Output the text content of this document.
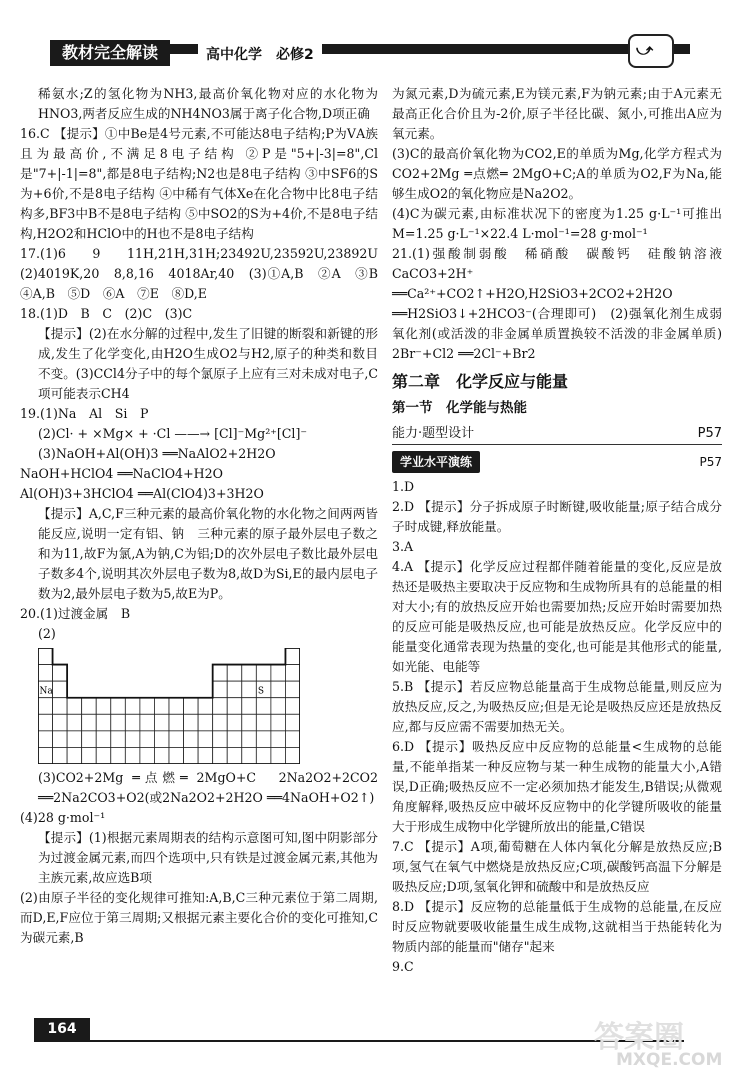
教材完全解读	高中化学　必修2	⤻

稀氨水;Z的氢化物为NH3,最高价氧化物对应的水化物为HNO3,两者反应生成的NH4NO3属于离子化合物,D项正确

16.C 【提示】①中Be是4号元素,不可能达8电子结构;P为ⅤA族且为最高价,不满足8电子结构 ②P是"5+|-3|=8",Cl是"7+|-1|=8",都是8电子结构;N2也是8电子结构 ③中SF6的S为+6价,不是8电子结构 ④中稀有气体Xe在化合物中比8电子结构多,BF3中B不是8电子结构 ⑤中SO2的S为+4价,不是8电子结构,H2O2和HClO中的H也不是8电子结构

17.(1)6　9　11H,21H,31H;23492U,23592U,23892U　(2)4019K,20　8,8,16　4018Ar,40　(3)①A,B　②A　③B　④A,B　⑤D　⑥A　⑦E　⑧D,E

18.(1)D　B　C　(2)C　(3)C

【提示】(2)在水分解的过程中,发生了旧键的断裂和新键的形成,发生了化学变化,由H2O生成O2与H2,原子的种类和数目不变。(3)CCl4分子中的每个氯原子上应有三对未成对电子,C项可能表示CH4

19.(1)Na　Al　Si　P

(2)Cl· + ×Mg× + ·Cl ——→ [Cl]⁻Mg²⁺[Cl]⁻

(3)NaOH+Al(OH)3 ══NaAlO2+2H2O

NaOH+HClO4 ══NaClO4+H2O

Al(OH)3+3HClO4 ══Al(ClO4)3+3H2O

【提示】A,C,F三种元素的最高价氧化物的水化物之间两两皆能反应,说明一定有铝、钠　三种元素的原子最外层电子数之和为11,故F为氯,A为钠,C为铝;D的次外层电子数比最外层电子数多4个,说明其次外层电子数为8,故D为Si,E的最内层电子数为2,最外层电子数为5,故E为P。

20.(1)过渡金属　B

(2)

Na	S

(3)CO2+2Mg ═点燃═ 2MgO+C　2Na2O2+2CO2 ══2Na2CO3+O2(或2Na2O2+2H2O ══4NaOH+O2↑)

(4)28 g·mol⁻¹

【提示】(1)根据元素周期表的结构示意图可知,图中阴影部分为过渡金属元素,而四个选项中,只有铁是过渡金属元素,其他为主族元素,故应选B项

(2)由原子半径的变化规律可推知:A,B,C三种元素位于第二周期,而D,E,F应位于第三周期;又根据元素主要化合价的变化可推知,C为碳元素,B

为氮元素,D为硫元素,E为镁元素,F为钠元素;由于A元素无最高正化合价且为-2价,原子半径比碳、氮小,可推出A应为氧元素。

(3)C的最高价氧化物为CO2,E的单质为Mg,化学方程式为CO2+2Mg ═点燃═ 2MgO+C;A的单质为O2,F为Na,能够生成O2的氧化物应是Na2O2。

(4)C为碳元素,由标准状况下的密度为1.25 g·L⁻¹可推出M=1.25 g·L⁻¹×22.4 L·mol⁻¹=28 g·mol⁻¹

21.(1)强酸制弱酸　稀硝酸　碳酸钙　硅酸钠溶液 CaCO3+2H⁺ ══Ca²⁺+CO2↑+H2O,H2SiO3+2CO2+2H2O ══H2SiO3↓+2HCO3⁻(合理即可)　(2)强氧化剂生成弱氧化剂(或活泼的非金属单质置换较不活泼的非金属单质)　2Br⁻+Cl2 ══2Cl⁻+Br2

第二章　化学反应与能量
第一节　化学能与热能
能力·题型设计	P57
学业水平演练	P57

1.D

2.D 【提示】分子拆成原子时断键,吸收能量;原子结合成分子时成键,释放能量。

3.A

4.A 【提示】化学反应过程都伴随着能量的变化,反应是放热还是吸热主要取决于反应物和生成物所具有的总能量的相对大小;有的放热反应开始也需要加热;反应开始时需要加热的反应可能是吸热反应,也可能是放热反应。化学反应中的能量变化通常表现为热量的变化,也可能是其他形式的能量,如光能、电能等

5.B 【提示】若反应物总能量高于生成物总能量,则反应为放热反应,反之,为吸热反应;但是无论是吸热反应还是放热反应,都与反应需不需要加热无关。

6.D 【提示】吸热反应中反应物的总能量<生成物的总能量,不能单指某一种反应物与某一种生成物的能量大小,A错误,D正确;吸热反应不一定必须加热才能发生,B错误;从微观角度解释,吸热反应中破坏反应物中的化学键所吸收的能量大于形成生成物中化学键所放出的能量,C错误

7.C 【提示】A项,葡萄糖在人体内氧化分解是放热反应;B项,氢气在氧气中燃烧是放热反应;C项,碳酸钙高温下分解是吸热反应;D项,氢氧化钾和硫酸中和是放热反应

8.D 【提示】反应物的总能量低于生成物的总能量,在反应时反应物就要吸收能量生成生成物,这就相当于热能转化为物质内部的能量而"储存"起来

9.C

164	答案圈
MXQE.COM
